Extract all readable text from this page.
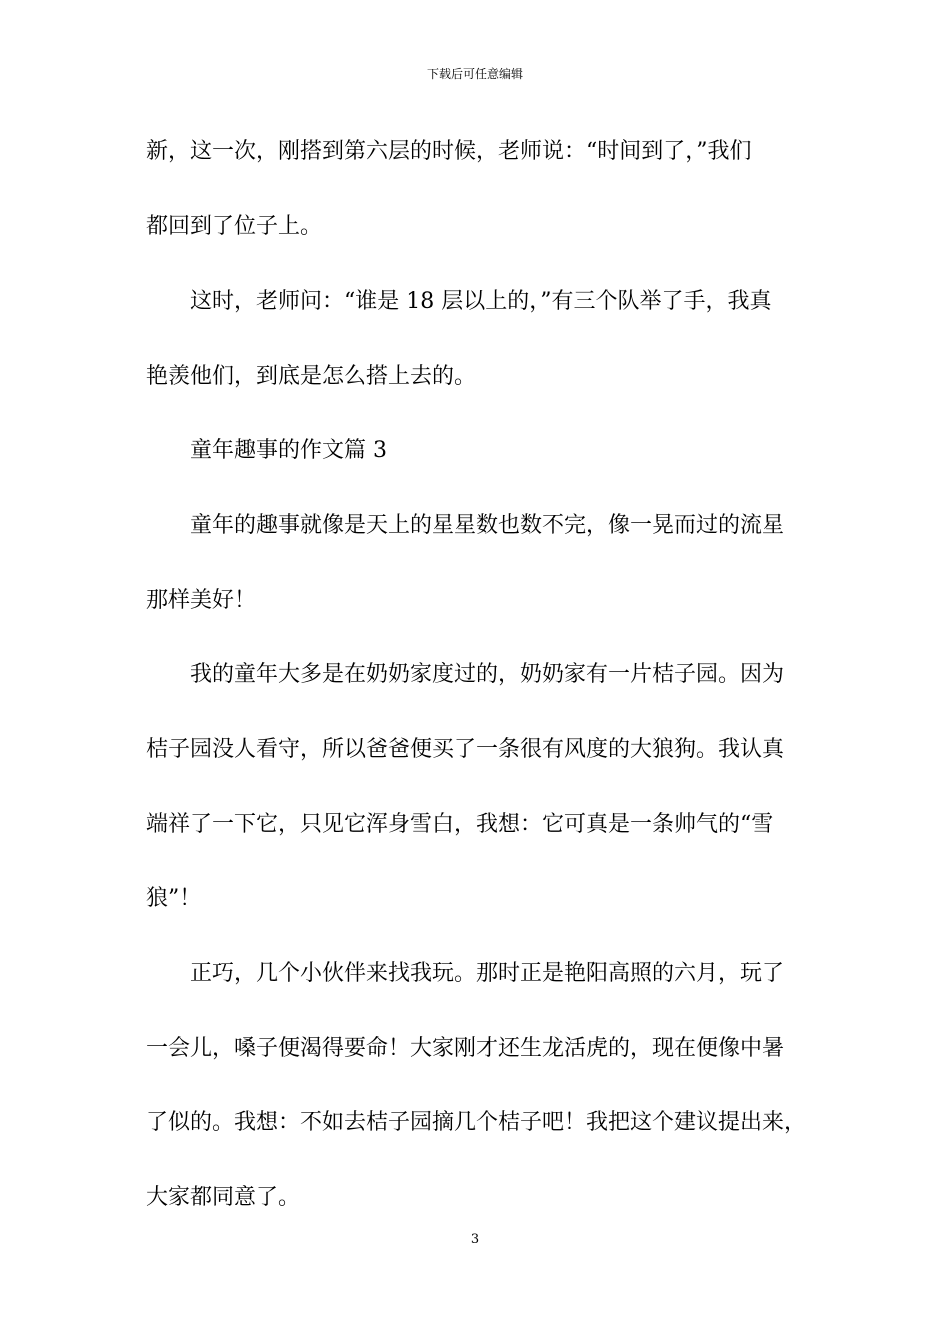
下载后可任意编辑
新，这一次，刚搭到第六层的时候，老师说：“时间到了，”我们
都回到了位子上。
这时，老师问：“谁是 18 层以上的，”有三个队举了手，我真
艳羡他们，到底是怎么搭上去的。
童年趣事的作文篇 3
童年的趣事就像是天上的星星数也数不完，像一晃而过的流星
那样美好！
我的童年大多是在奶奶家度过的，奶奶家有一片桔子园。因为
桔子园没人看守，所以爸爸便买了一条很有风度的大狼狗。我认真
端祥了一下它，只见它浑身雪白，我想：它可真是一条帅气的“雪
狼”！
正巧，几个小伙伴来找我玩。那时正是艳阳高照的六月，玩了
一会儿，嗓子便渴得要命！大家刚才还生龙活虎的，现在便像中暑
了似的。我想：不如去桔子园摘几个桔子吧！我把这个建议提出来，
大家都同意了。
3
